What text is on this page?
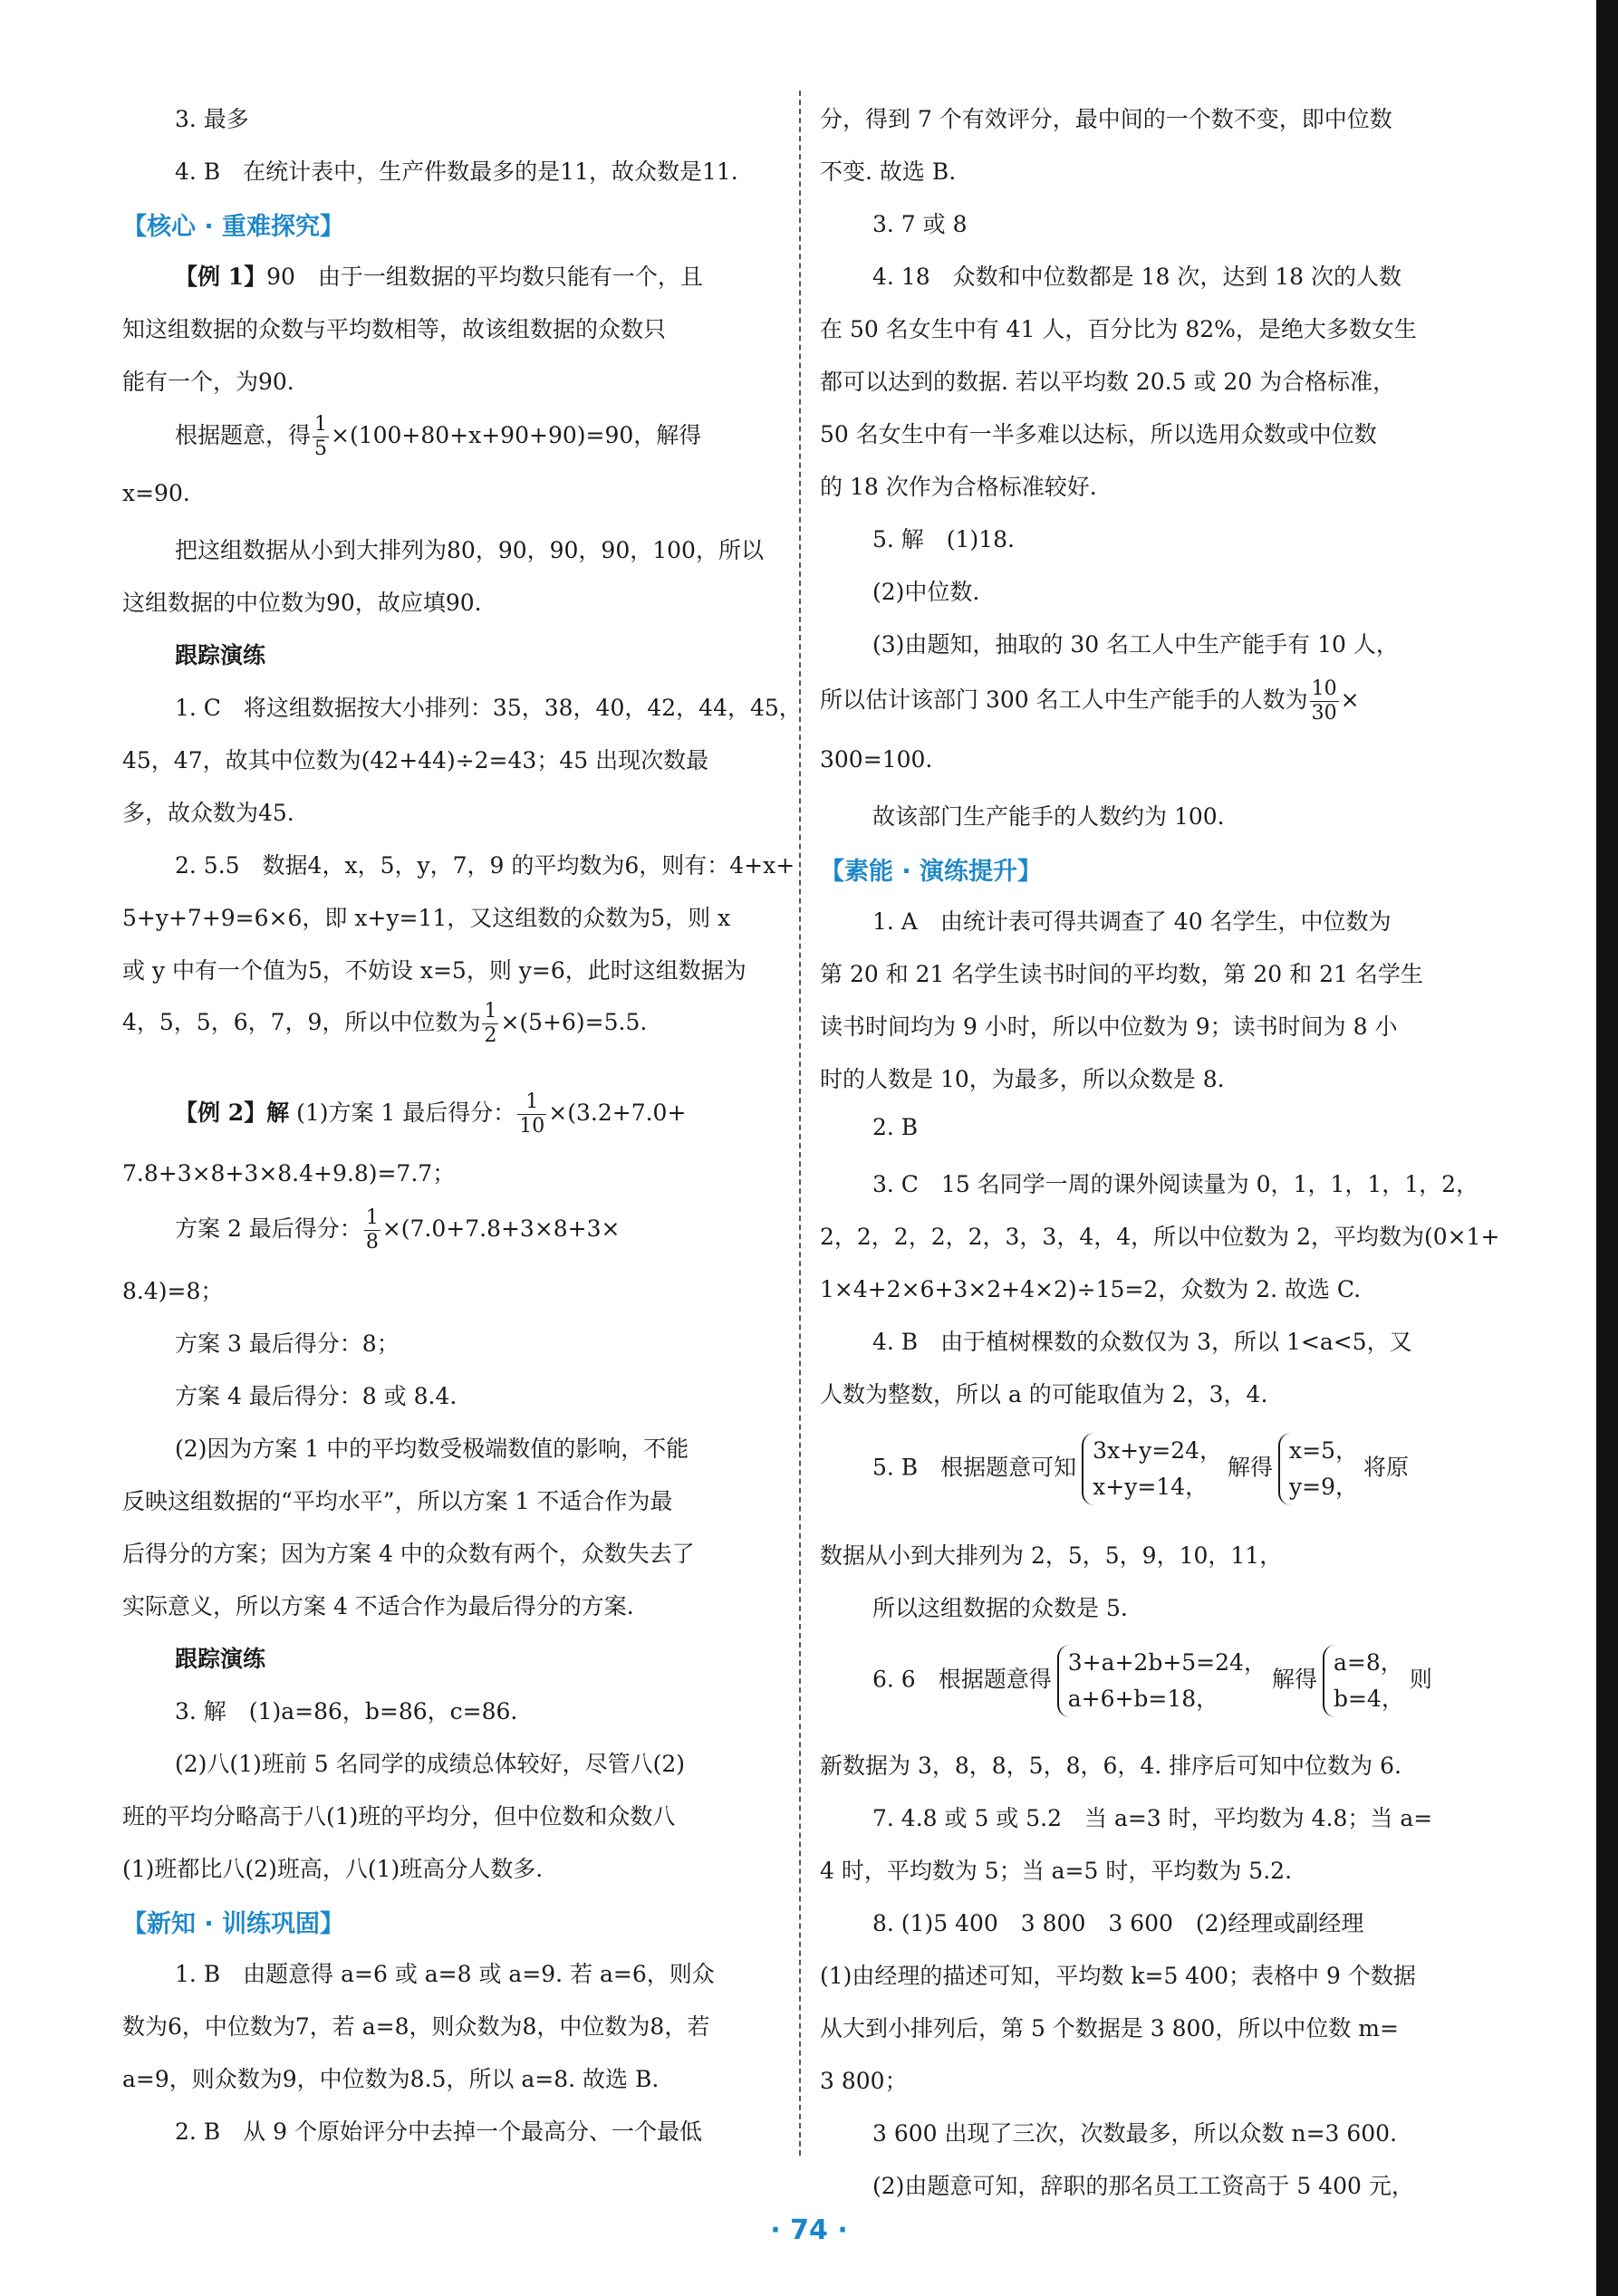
3. 最多
4. B　在统计表中，生产件数最多的是11，故众数是11.
【核心 · 重难探究】
【例 1】90　由于一组数据的平均数只能有一个，且
知这组数据的众数与平均数相等，故该组数据的众数只
能有一个，为90.
根据题意，得 $\frac{1}{5} \times(100+80+x+90+90)=90$，解得
x=90.
把这组数据从小到大排列为80，90，90，90，100，所以
这组数据的中位数为90，故应填90.
跟踪演练
1. C　将这组数据按大小排列：35，38，40，42，44，45，
45，47，故其中位数为(42+44)÷2=43；45 出现次数最
多，故众数为45.
2. 5.5　数据4，x，5，y，7，9 的平均数为6，则有：4+x+
5+y+7+9=6×6，即 x+y=11，又这组数的众数为5，则 x
或 y 中有一个值为5，不妨设 x=5，则 y=6，此时这组数据为
4，5，5，6，7，9，所以中位数为 $\frac{1}{2} \times(5+6)=5.5$.
【例 2】解 (1)方案 1 最后得分： $\frac{1}{10} \times(3.2+7.0+$
7.8+3×8+3×8.4+9.8)=7.7；
方案 2 最后得分： $\frac{1}{8} \times(7.0+7.8+3\times 8+3\times$
8.4)=8；
方案 3 最后得分：8；
方案 4 最后得分：8 或 8.4.
(2)因为方案 1 中的平均数受极端数值的影响，不能
反映这组数据的“平均水平”，所以方案 1 不适合作为最
后得分的方案；因为方案 4 中的众数有两个，众数失去了
实际意义，所以方案 4 不适合作为最后得分的方案.
跟踪演练
3. 解　(1)a=86，b=86，c=86.
(2)八(1)班前 5 名同学的成绩总体较好，尽管八(2)
班的平均分略高于八(1)班的平均分，但中位数和众数八
(1)班都比八(2)班高，八(1)班高分人数多.
【新知 · 训练巩固】
1. B　由题意得 a=6 或 a=8 或 a=9. 若 a=6，则众
数为6，中位数为7，若 a=8，则众数为8，中位数为8，若
a=9，则众数为9，中位数为8.5，所以 a=8. 故选 B.
2. B　从 9 个原始评分中去掉一个最高分、一个最低
分，得到 7 个有效评分，最中间的一个数不变，即中位数
不变. 故选 B.
3. 7 或 8
4. 18　众数和中位数都是 18 次，达到 18 次的人数
在 50 名女生中有 41 人，百分比为 82%，是绝大多数女生
都可以达到的数据. 若以平均数 20.5 或 20 为合格标准，
50 名女生中有一半多难以达标，所以选用众数或中位数
的 18 次作为合格标准较好.
5. 解　(1)18.
(2)中位数.
(3)由题知，抽取的 30 名工人中生产能手有 10 人，
所以估计该部门 300 名工人中生产能手的人数为 $\frac{10}{30}$ ×
300=100.
故该部门生产能手的人数约为 100.
【素能 · 演练提升】
1. A　由统计表可得共调查了 40 名学生，中位数为
第 20 和 21 名学生读书时间的平均数，第 20 和 21 名学生
读书时间均为 9 小时，所以中位数为 9；读书时间为 8 小
时的人数是 10，为最多，所以众数是 8.
2. B
3. C　15 名同学一周的课外阅读量为 0，1，1，1，1，2，
2，2，2，2，2，3，3，4，4，所以中位数为 2，平均数为(0×1+
1×4+2×6+3×2+4×2)÷15=2，众数为 2. 故选 C.
4. B　由于植树棵数的众数仅为 3，所以 1<a<5，又
人数为整数，所以 a 的可能取值为 2，3，4.
5. B　根据题意可知
3x+y=24，
x+y=14，
解得
x=5，
y=9，
将原
数据从小到大排列为 2，5，5，9，10，11，
所以这组数据的众数是 5.
6. 6　根据题意得
3+a+2b+5=24，
a+6+b=18，
解得
a=8，
b=4，
则
新数据为 3，8，8，5，8，6，4. 排序后可知中位数为 6.
7. 4.8 或 5 或 5.2　当 a=3 时，平均数为 4.8；当 a=
4 时，平均数为 5；当 a=5 时，平均数为 5.2.
8. (1)5 400　3 800　3 600　(2)经理或副经理
(1)由经理的描述可知，平均数 k=5 400；表格中 9 个数据
从大到小排列后，第 5 个数据是 3 800，所以中位数 m=
3 800；
3 600 出现了三次，次数最多，所以众数 n=3 600.
(2)由题意可知，辞职的那名员工工资高于 5 400 元，
· 74 ·
